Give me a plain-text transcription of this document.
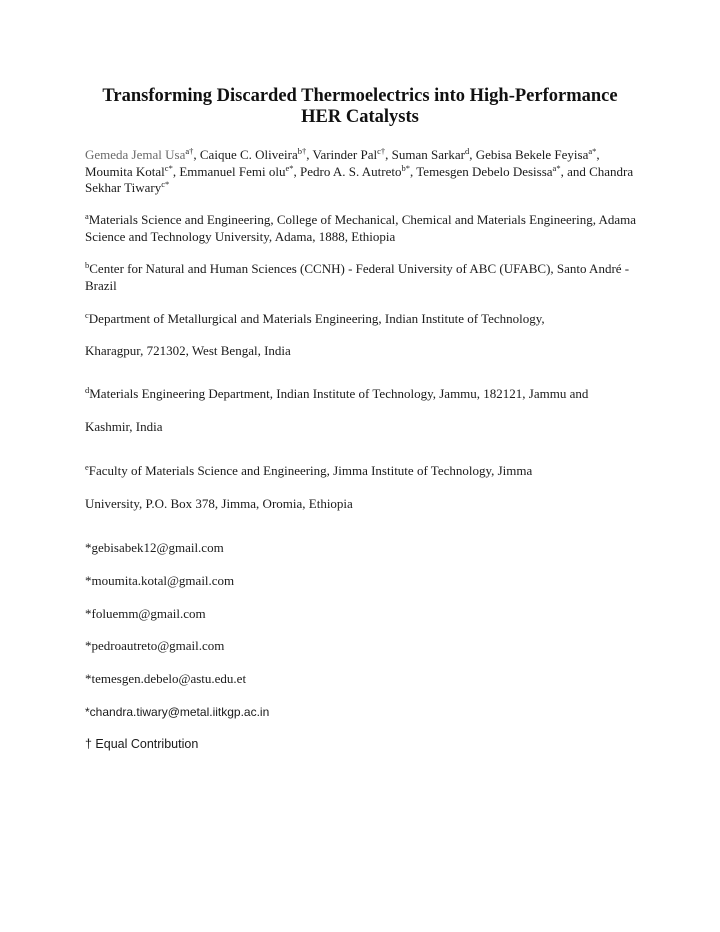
Transforming Discarded Thermoelectrics into High-Performance
HER Catalysts
Gemeda Jemal Usa$^{a\dagger}$, Caique C. Oliveira$^{b\dagger}$, Varinder Pal$^{c\dagger}$, Suman Sarkar$^d$, Gebisa Bekele Feyisa$^{a*}$, Moumita Kotal$^{c*}$, Emmanuel Femi olu$^{e*}$, Pedro A. S. Autreto$^{b*}$, Temesgen Debelo Desissa$^{a*}$, and Chandra Sekhar Tiwary$^{c*}$
$^a$Materials Science and Engineering, College of Mechanical, Chemical and Materials Engineering, Adama Science and Technology University, Adama, 1888, Ethiopia
$^b$Center for Natural and Human Sciences (CCNH) - Federal University of ABC (UFABC), Santo André - Brazil
$^c$Department of Metallurgical and Materials Engineering, Indian Institute of Technology,
Kharagpur, 721302, West Bengal, India
$^d$Materials Engineering Department, Indian Institute of Technology, Jammu, 182121, Jammu and
Kashmir, India
$^e$Faculty of Materials Science and Engineering, Jimma Institute of Technology, Jimma
University, P.O. Box 378, Jimma, Oromia, Ethiopia
*gebisabek12@gmail.com
*moumita.kotal@gmail.com
*foluemm@gmail.com
*pedroautreto@gmail.com
*temesgen.debelo@astu.edu.et
*chandra.tiwary@metal.iitkgp.ac.in
† Equal Contribution
